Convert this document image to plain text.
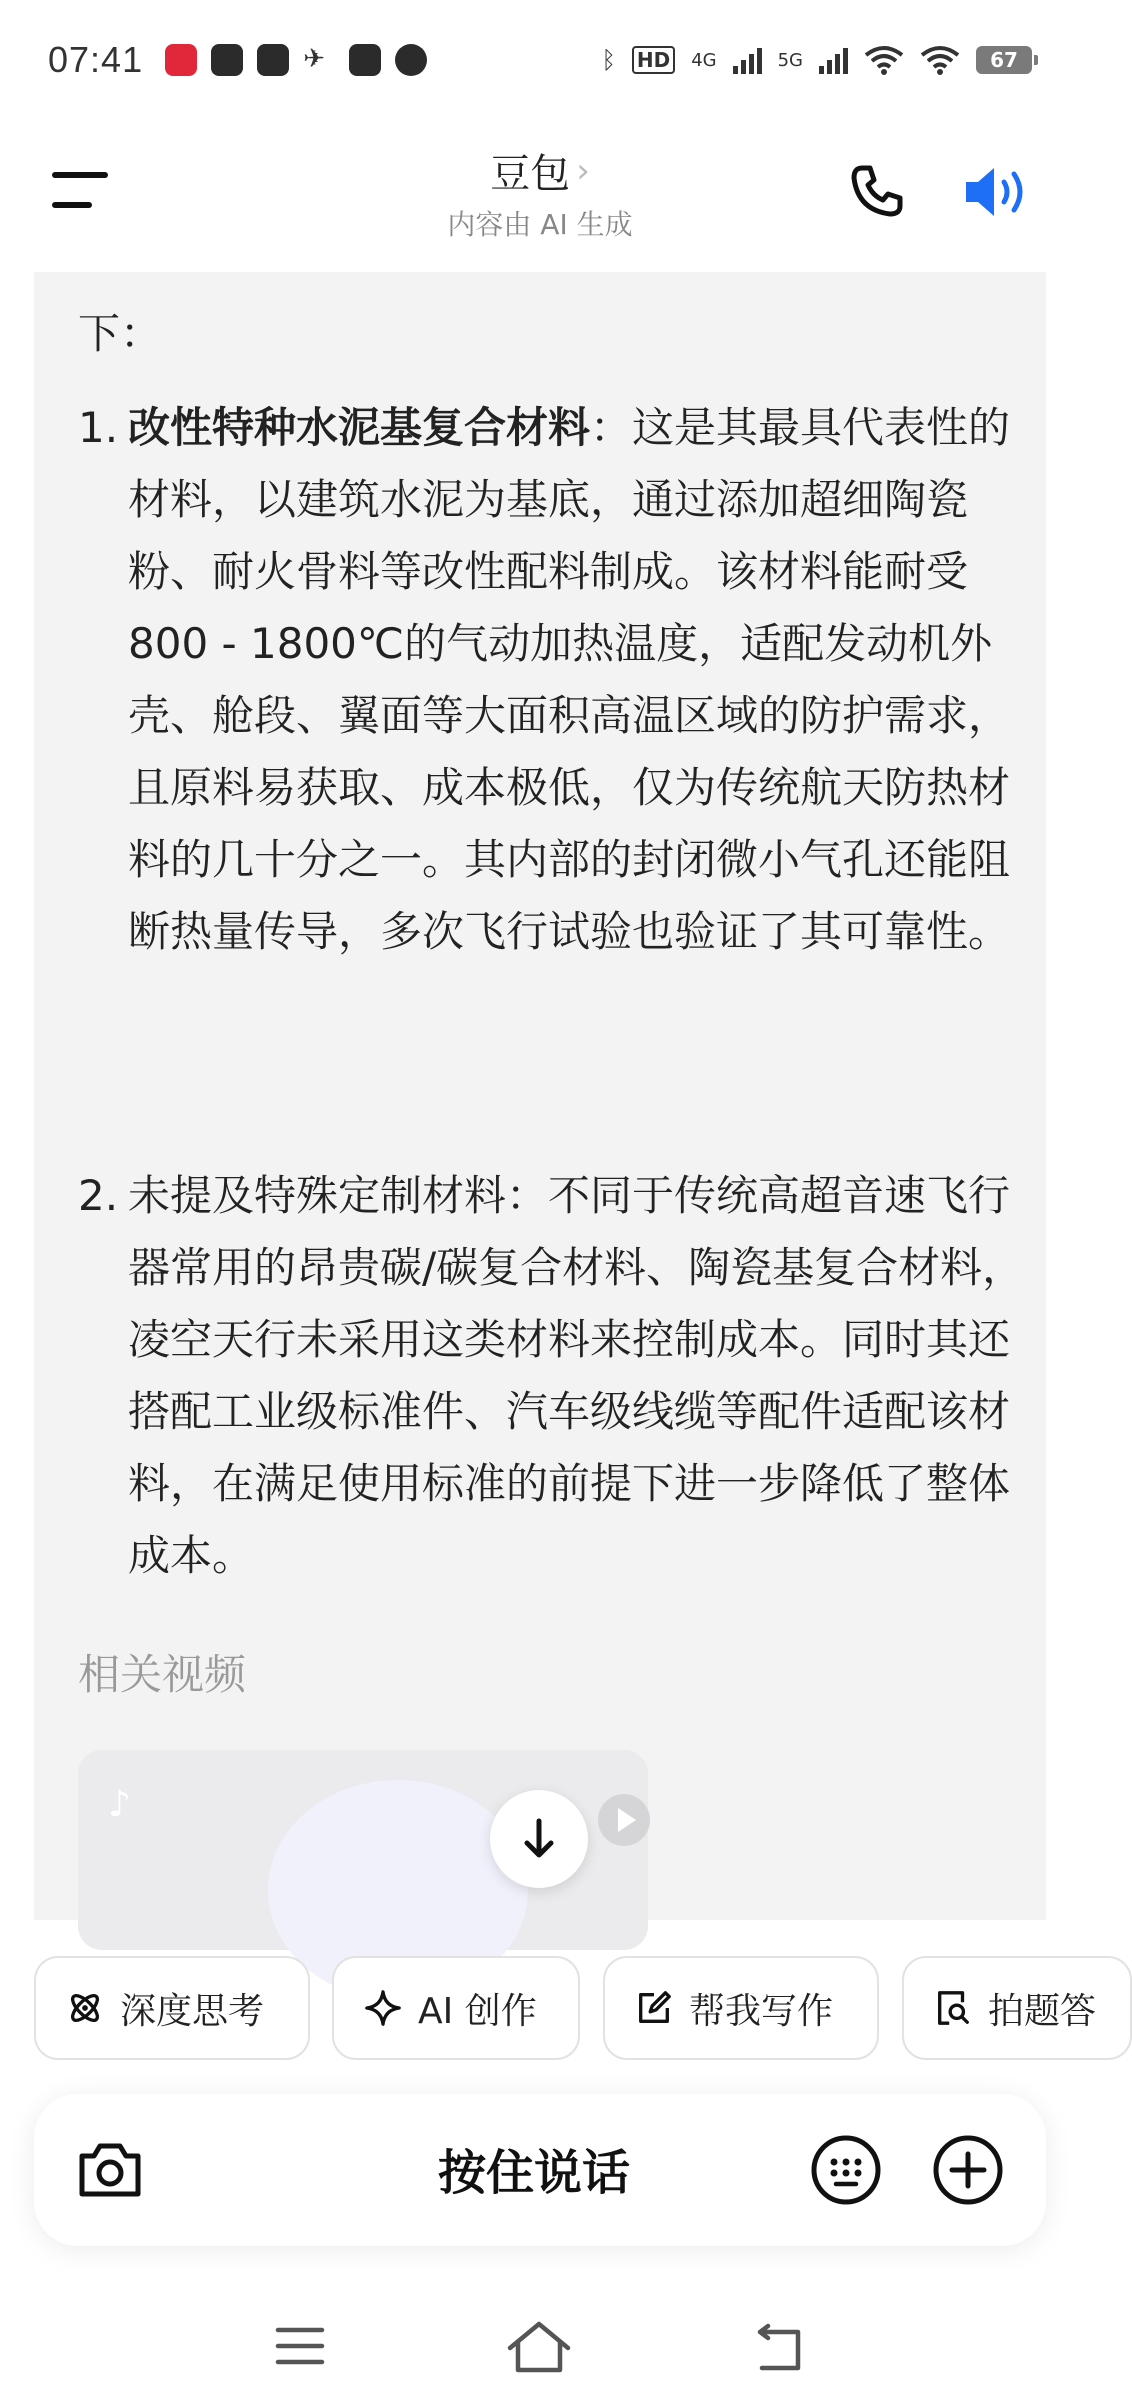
07:41	✈	ᛒ HD 4G	5G	67
豆包 ›
内容由 AI 生成
下：
1. 改性特种水泥基复合材料：这是其最具代表性的材料，以建筑水泥为基底，通过添加超细陶瓷粉、耐火骨料等改性配料制成。该材料能耐受800 - 1800℃的气动加热温度，适配发动机外壳、舱段、翼面等大面积高温区域的防护需求，且原料易获取、成本极低，仅为传统航天防热材料的几十分之一。其内部的封闭微小气孔还能阻断热量传导，多次飞行试验也验证了其可靠性。
2. 未提及特殊定制材料：不同于传统高超音速飞行器常用的昂贵碳/碳复合材料、陶瓷基复合材料，凌空天行未采用这类材料来控制成本。同时其还搭配工业级标准件、汽车级线缆等配件适配该材料，在满足使用标准的前提下进一步降低了整体成本。
相关视频
♪
深度思考	AI 创作	帮我写作	拍题答
按住说话
